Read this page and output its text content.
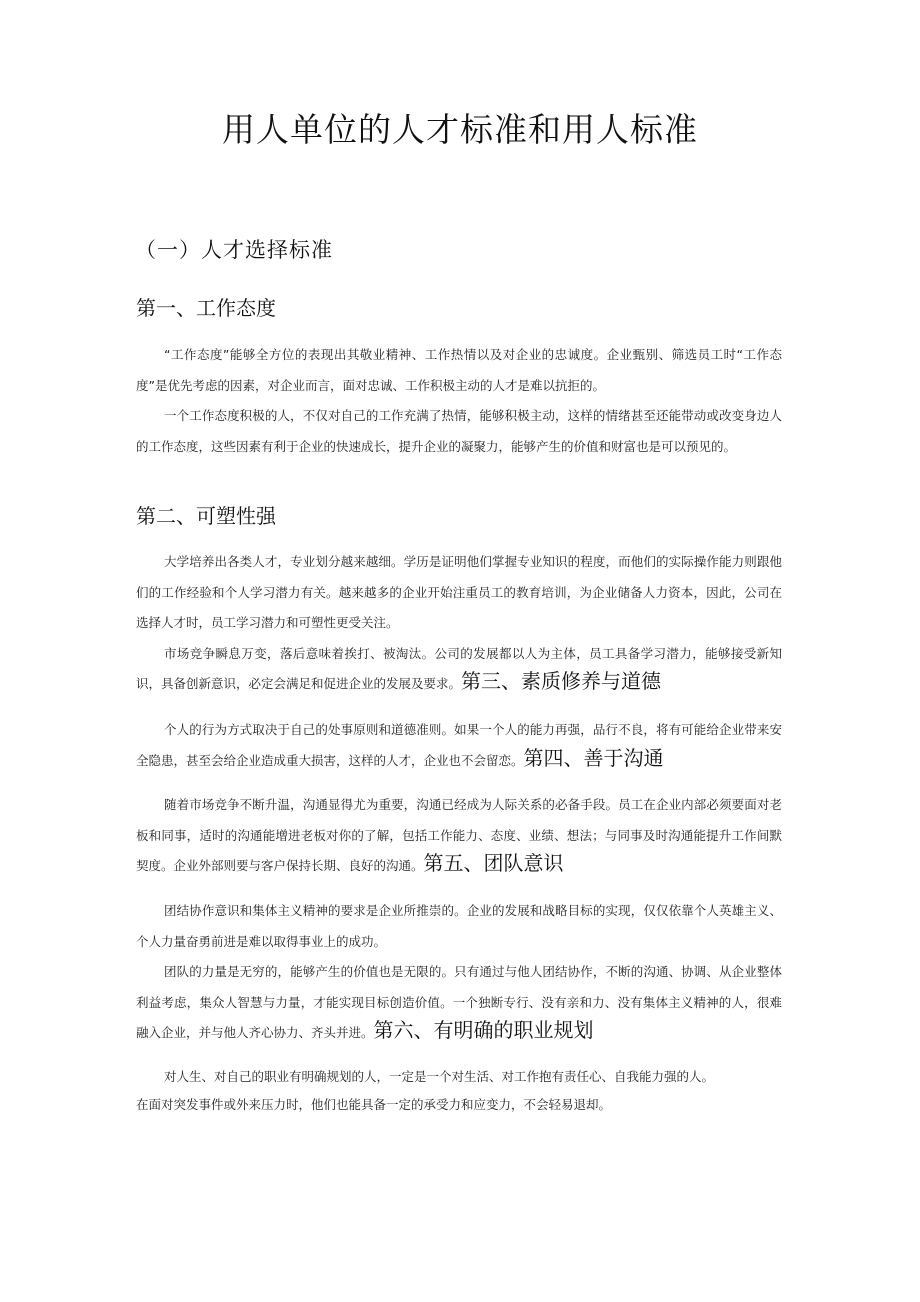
用人单位的人才标准和用人标准
（一）人才选择标准
第一、工作态度

“工作态度”能够全方位的表现出其敬业精神、工作热情以及对企业的忠诚度。企业甄别、筛选员工时“工作态度”是优先考虑的因素，对企业而言，面对忠诚、工作积极主动的人才是难以抗拒的。

一个工作态度积极的人，不仅对自己的工作充满了热情，能够积极主动，这样的情绪甚至还能带动或改变身边人的工作态度，这些因素有利于企业的快速成长，提升企业的凝聚力，能够产生的价值和财富也是可以预见的。

第二、可塑性强

大学培养出各类人才，专业划分越来越细。学历是证明他们掌握专业知识的程度，而他们的实际操作能力则跟他们的工作经验和个人学习潜力有关。越来越多的企业开始注重员工的教育培训，为企业储备人力资本，因此，公司在选择人才时，员工学习潜力和可塑性更受关注。

市场竞争瞬息万变，落后意味着挨打、被淘汰。公司的发展都以人为主体，员工具备学习潜力，能够接受新知识，具备创新意识，必定会满足和促进企业的发展及要求。第三、素质修养与道德

个人的行为方式取决于自己的处事原则和道德准则。如果一个人的能力再强，品行不良，将有可能给企业带来安全隐患，甚至会给企业造成重大损害，这样的人才，企业也不会留恋。第四、善于沟通

随着市场竞争不断升温，沟通显得尤为重要，沟通已经成为人际关系的必备手段。员工在企业内部必须要面对老板和同事，适时的沟通能增进老板对你的了解，包括工作能力、态度、业绩、想法；与同事及时沟通能提升工作间默契度。企业外部则要与客户保持长期、良好的沟通。第五、团队意识

团结协作意识和集体主义精神的要求是企业所推崇的。企业的发展和战略目标的实现，仅仅依靠个人英雄主义、个人力量奋勇前进是难以取得事业上的成功。

团队的力量是无穷的，能够产生的价值也是无限的。只有通过与他人团结协作，不断的沟通、协调、从企业整体利益考虑，集众人智慧与力量，才能实现目标创造价值。一个独断专行、没有亲和力、没有集体主义精神的人，很难融入企业，并与他人齐心协力、齐头并进。第六、有明确的职业规划

对人生、对自己的职业有明确规划的人，一定是一个对生活、对工作抱有责任心、自我能力强的人。

在面对突发事件或外来压力时，他们也能具备一定的承受力和应变力，不会轻易退却。
